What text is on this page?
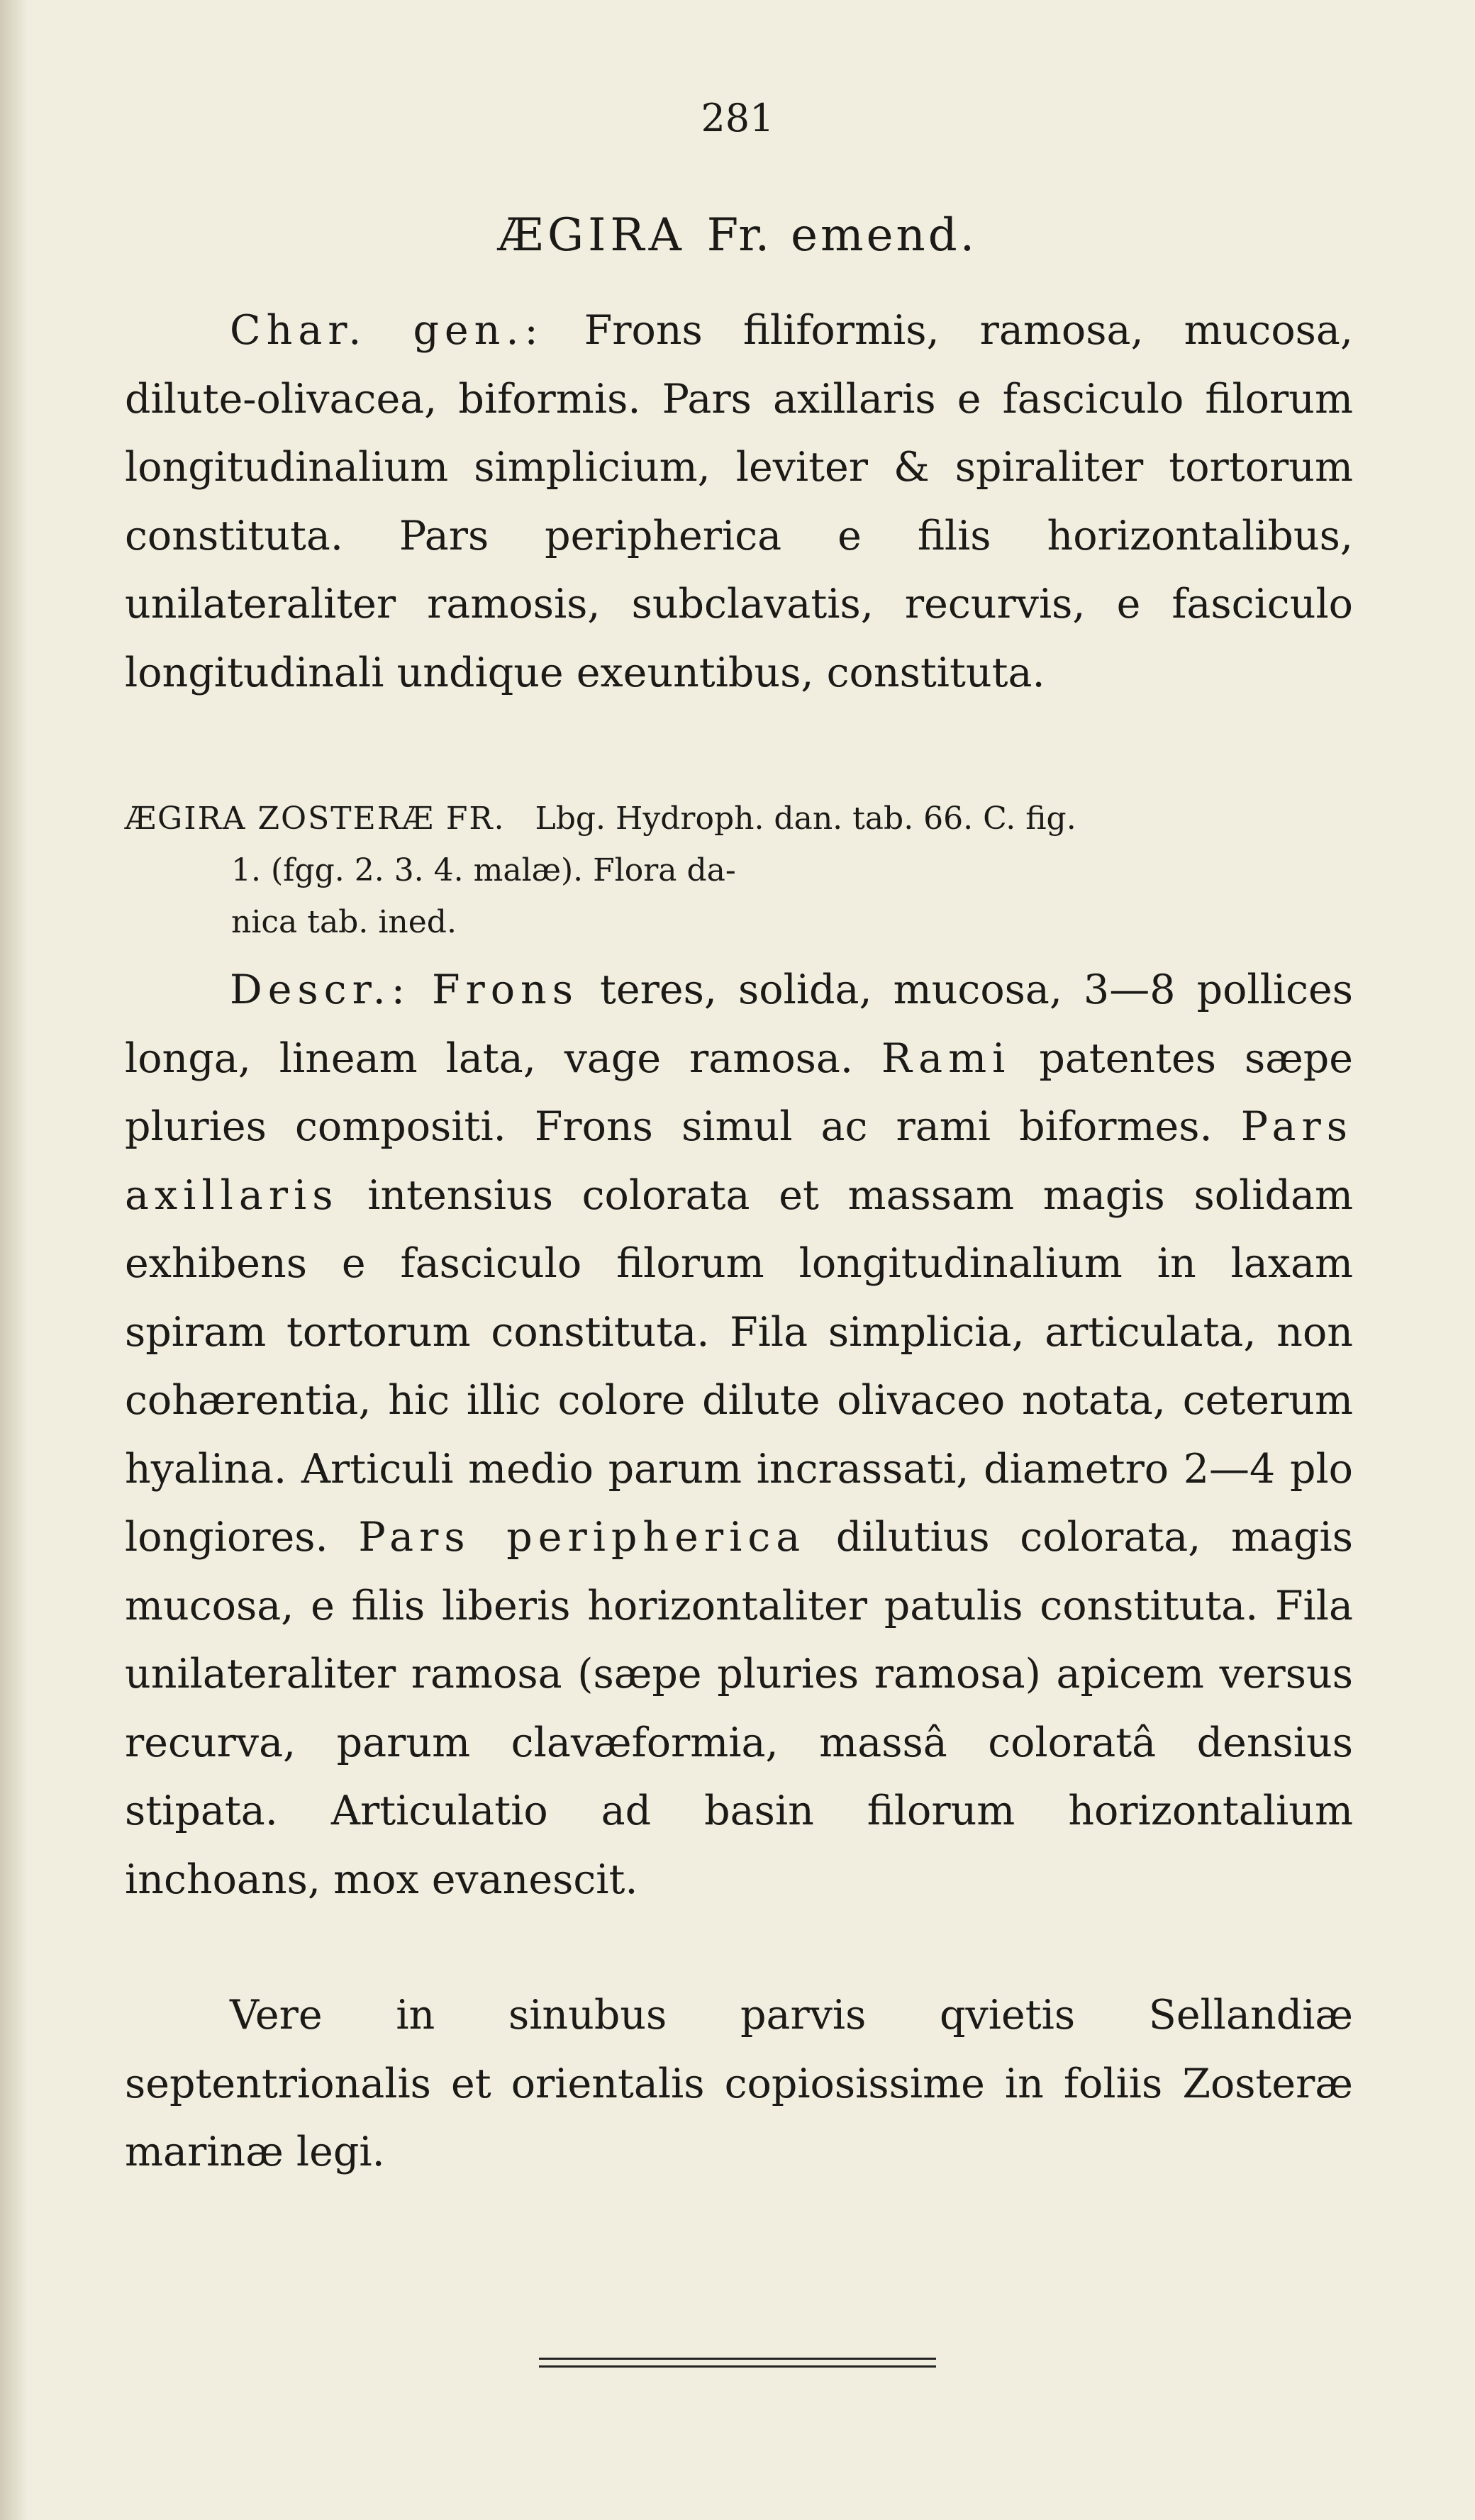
281
ÆGIRA Fr. emend.

Char. gen.: Frons filiformis, ramosa, mucosa, dilute-olivacea, biformis. Pars axillaris e fasciculo filorum longitudinalium simplicium, leviter & spiraliter tortorum constituta. Pars peripherica e filis horizontalibus, unilateraliter ramosis, subclavatis, recurvis, e fasciculo longitudinali undique exeuntibus, constituta.

ÆGIRA ZOSTERÆ FR. Lbg. Hydroph. dan. tab. 66. C. fig.
1. (fgg. 2. 3. 4. malæ). Flora da-
nica tab. ined.

Descr.: Frons teres, solida, mucosa, 3—8 pollices longa, lineam lata, vage ramosa. Rami patentes sæpe pluries compositi. Frons simul ac rami biformes. Pars axillaris intensius colorata et massam magis solidam exhibens e fasciculo filorum longitudinalium in laxam spiram tortorum constituta. Fila simplicia, articulata, non cohærentia, hic illic colore dilute olivaceo notata, ceterum hyalina. Articuli medio parum incrassati, diametro 2—4 plo longiores. Pars peripherica dilutius colorata, magis mucosa, e filis liberis horizontaliter patulis constituta. Fila unilateraliter ramosa (sæpe pluries ramosa) apicem versus recurva, parum clavæformia, massâ coloratâ densius stipata. Articulatio ad basin filorum horizontalium inchoans, mox evanescit.

Vere in sinubus parvis qvietis Sellandiæ septentrionalis et orientalis copiosissime in foliis Zosteræ marinæ legi.
